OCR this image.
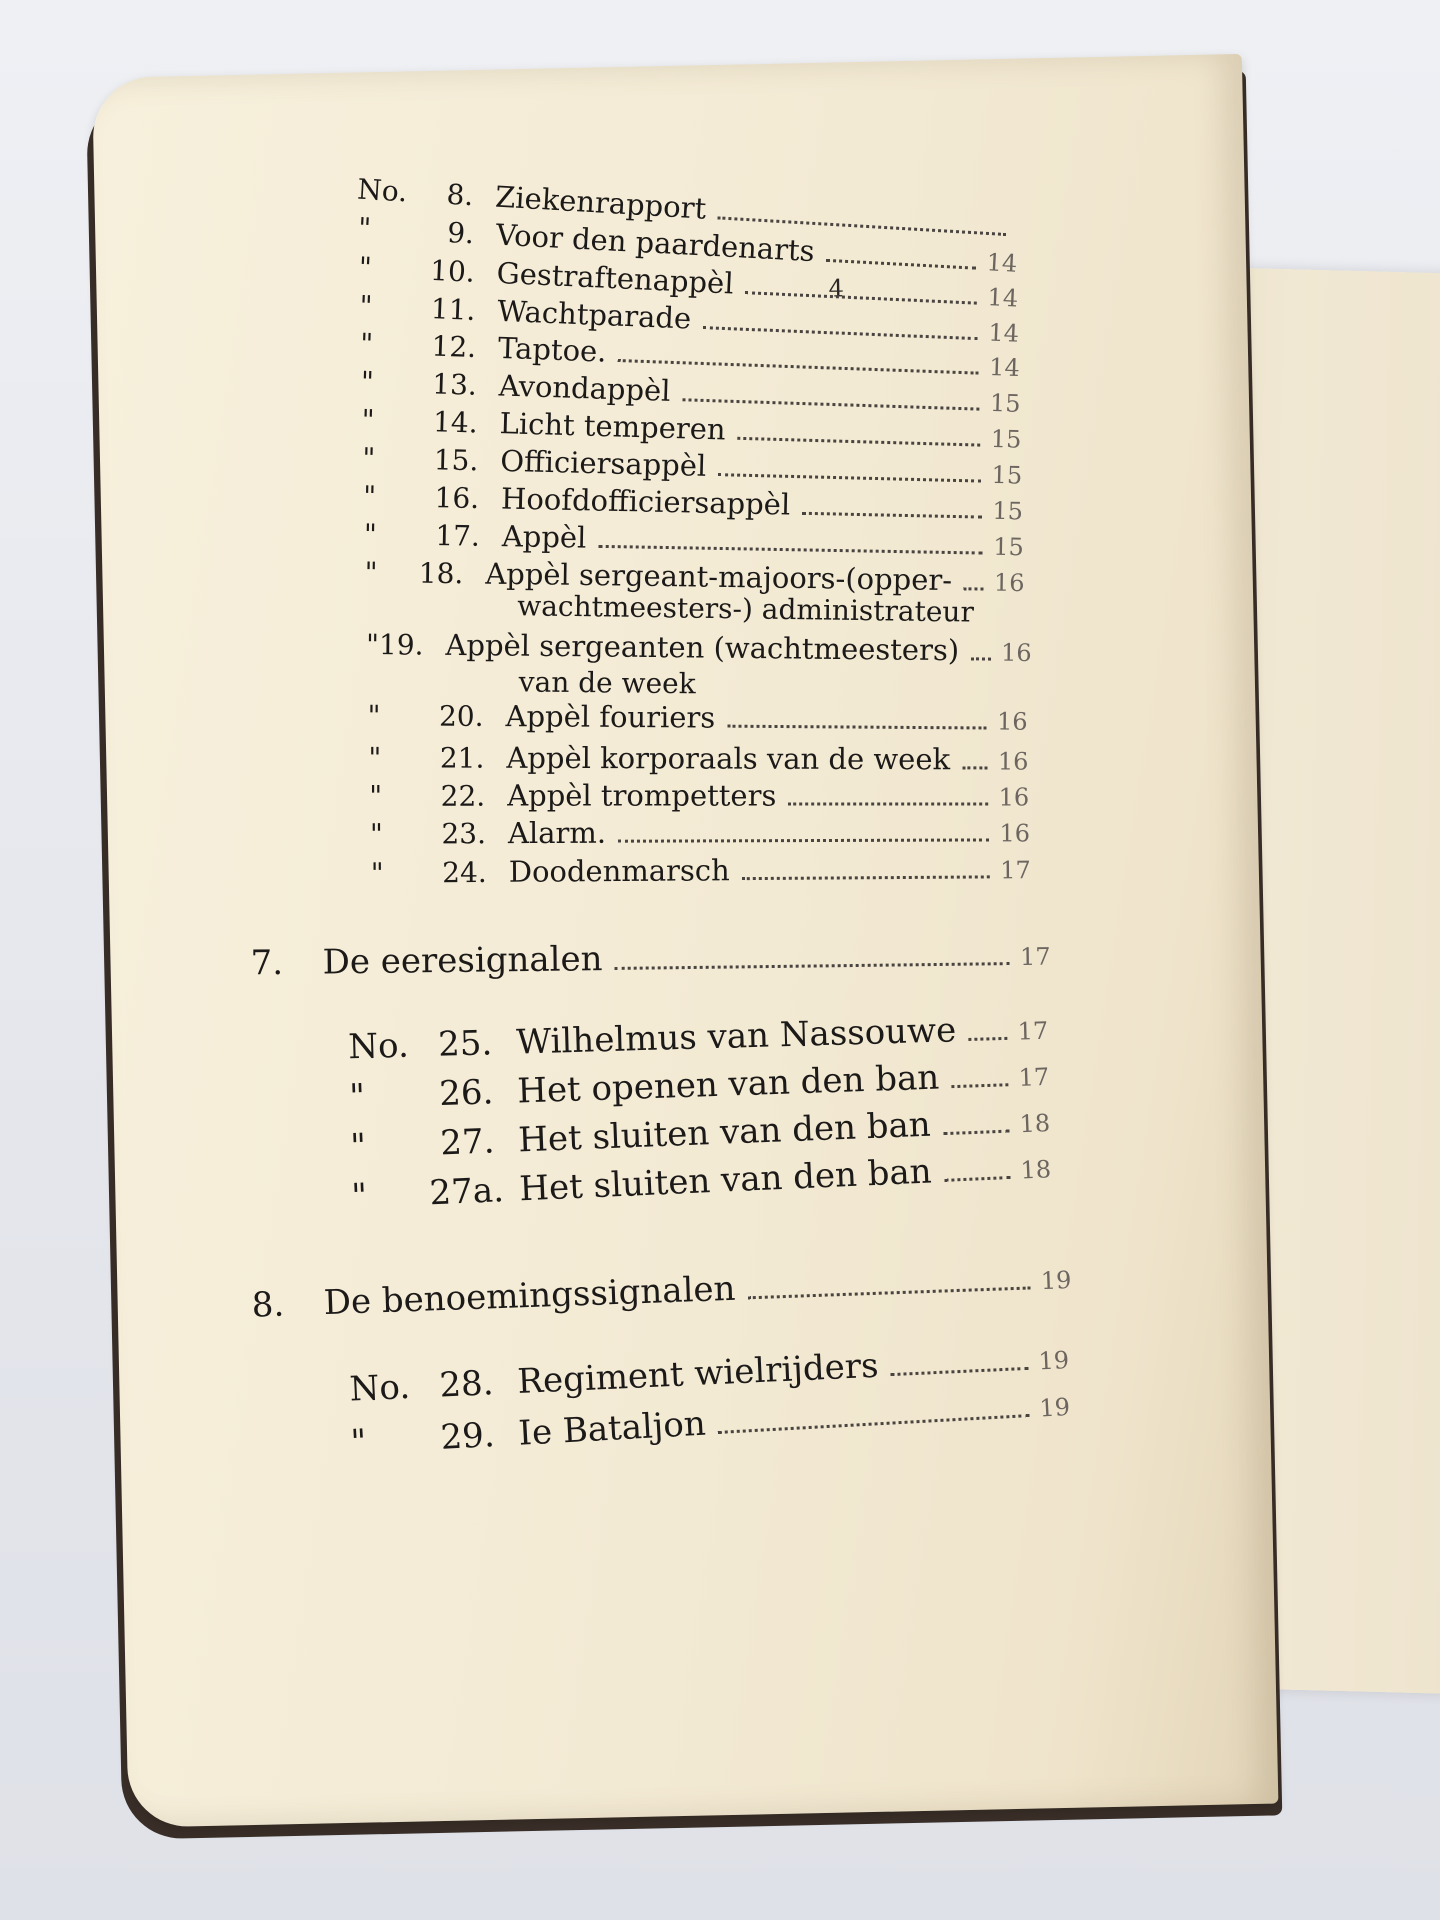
4
No.	8. Ziekenrapport
"	9. Voor den paardenarts	14
"	10. Gestraftenappèl	14
"	11. Wachtparade	14
"	12. Taptoe.	14
"	13. Avondappèl	15
"	14. Licht temperen	15
"	15. Officiersappèl	15
"	16. Hoofdofficiersappèl	15
"	17. Appèl	15
"	18. Appèl sergeant-majoors-(opper- 16
wachtmeesters-) administrateur
" 19. Appèl sergeanten (wachtmeesters) 16
van de week
"	20. Appèl fouriers	16
"	21. Appèl korporaals van de week 16
"	22. Appèl trompetters	16
"	23. Alarm.	16
"	24. Doodenmarsch	17
7. De eeresignalen	17
No. 25. Wilhelmus van Nassouwe	17
"	26. Het openen van den ban	17
"	27. Het sluiten van den ban	18
"	27a. Het sluiten van den ban	18
8. De benoemingssignalen	19
No. 28. Regiment wielrijders	19
"	29. Ie Bataljon	19
